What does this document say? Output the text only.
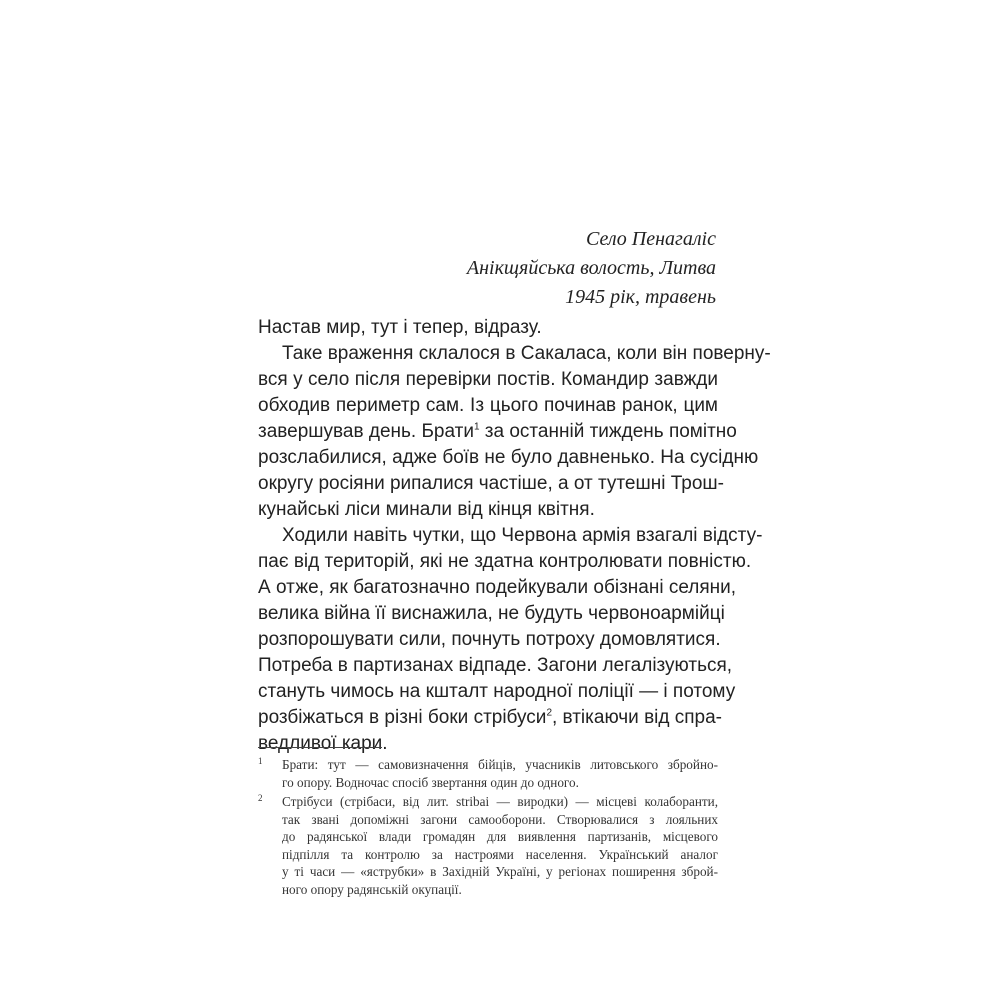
Село Пенагаліс
Анікщяйська волость, Литва
1945 рік, травень
Настав мир, тут і тепер, відразу.
Таке враження склалося в Сакаласа, коли він поверну-
вся у село після перевірки постів. Командир завжди
обходив периметр сам. Із цього починав ранок, цим
завершував день. Брати$^1$ за останній тиждень помітно
розслабилися, адже боїв не було давненько. На сусідню
округу росіяни рипалися частіше, а от тутешні Трош-
кунайські ліси минали від кінця квітня.
Ходили навіть чутки, що Червона армія взагалі відсту-
пає від територій, які не здатна контролювати повністю.
А отже, як багатозначно подейкували обізнані селяни,
велика війна її виснажила, не будуть червоноармійці
розпорошувати сили, почнуть потроху домовлятися.
Потреба в партизанах відпаде. Загони легалізуються,
стануть чимось на кшталт народної поліції — і потому
розбіжаться в різні боки стрібуси$^2$, втікаючи від спра-
ведливої кари.
1 Брати: тут — самовизначення бійців, учасників литовського збройно-
го опору. Водночас спосіб звертання один до одного.
2 Стрібуси (стрібаси, від лит. stribai — виродки) — місцеві колаборанти,
так звані допоміжні загони самооборони. Створювалися з лояльних
до радянської влади громадян для виявлення партизанів, місцевого
підпілля та контролю за настроями населення. Український аналог
у ті часи — «яструбки» в Західній Україні, у регіонах поширення зброй-
ного опору радянській окупації.
